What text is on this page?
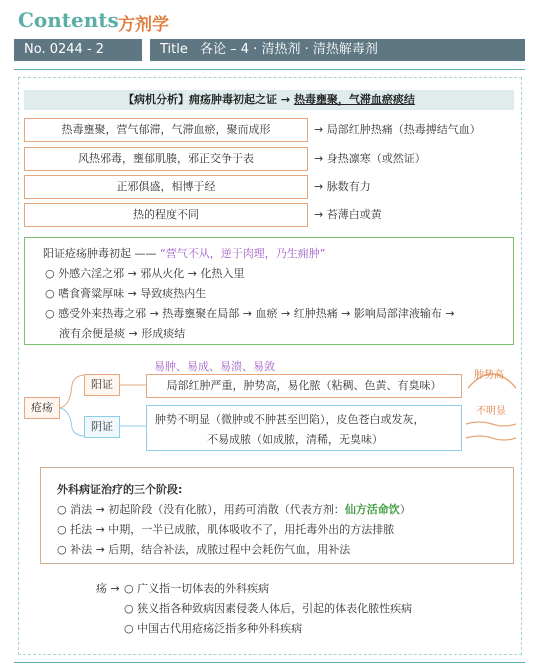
Contents 方剂学
No. 0244 - 2	Title 各论 – 4 · 清热剂 · 清热解毒剂
【病机分析】痈疡肿毒初起之证 → 热毒壅聚，气滞血瘀痰结
热毒壅聚，营气郁滞，气滞血瘀，聚而成形	→ 局部红肿热痛（热毒搏结气血）
风热邪毒，壅郁肌腠，邪正交争于表	→ 身热凛寒（或然证）
正邪俱盛，相博于经	→ 脉数有力
热的程度不同	→ 苔薄白或黄
阳证疮疡肿毒初起 —— “营气不从，逆于肉理，乃生痈肿”
○ 外感六淫之邪 → 邪从火化 → 化热入里
○ 嗜食膏粱厚味 → 导致痰热内生
○ 感受外来热毒之邪 → 热毒壅聚在局部 → 血瘀 → 红肿热痛 → 影响局部津液输布 →
液有余便是痰 → 形成痰结
疮疡
易肿、易成、易溃、易敛
阳证	局部红肿严重，肿势高，易化脓（粘稠、色黄、有臭味）
肿势高
阴证
肿势不明显（微肿或不肿甚至凹陷），皮色苍白或发灰，
不易成脓（如成脓，清稀，无臭味）
不明显
外科病证治疗的三个阶段:
○ 消法 → 初起阶段（没有化脓），用药可消散（代表方剂：仙方活命饮）
○ 托法 → 中期，一半已成脓，肌体吸收不了，用托毒外出的方法排脓
○ 补法 → 后期，结合补法，成脓过程中会耗伤气血，用补法
疡 → ○ 广义指一切体表的外科疾病
○ 狭义指各种致病因素侵袭人体后，引起的体表化脓性疾病
○ 中国古代用疮疡泛指多种外科疾病
